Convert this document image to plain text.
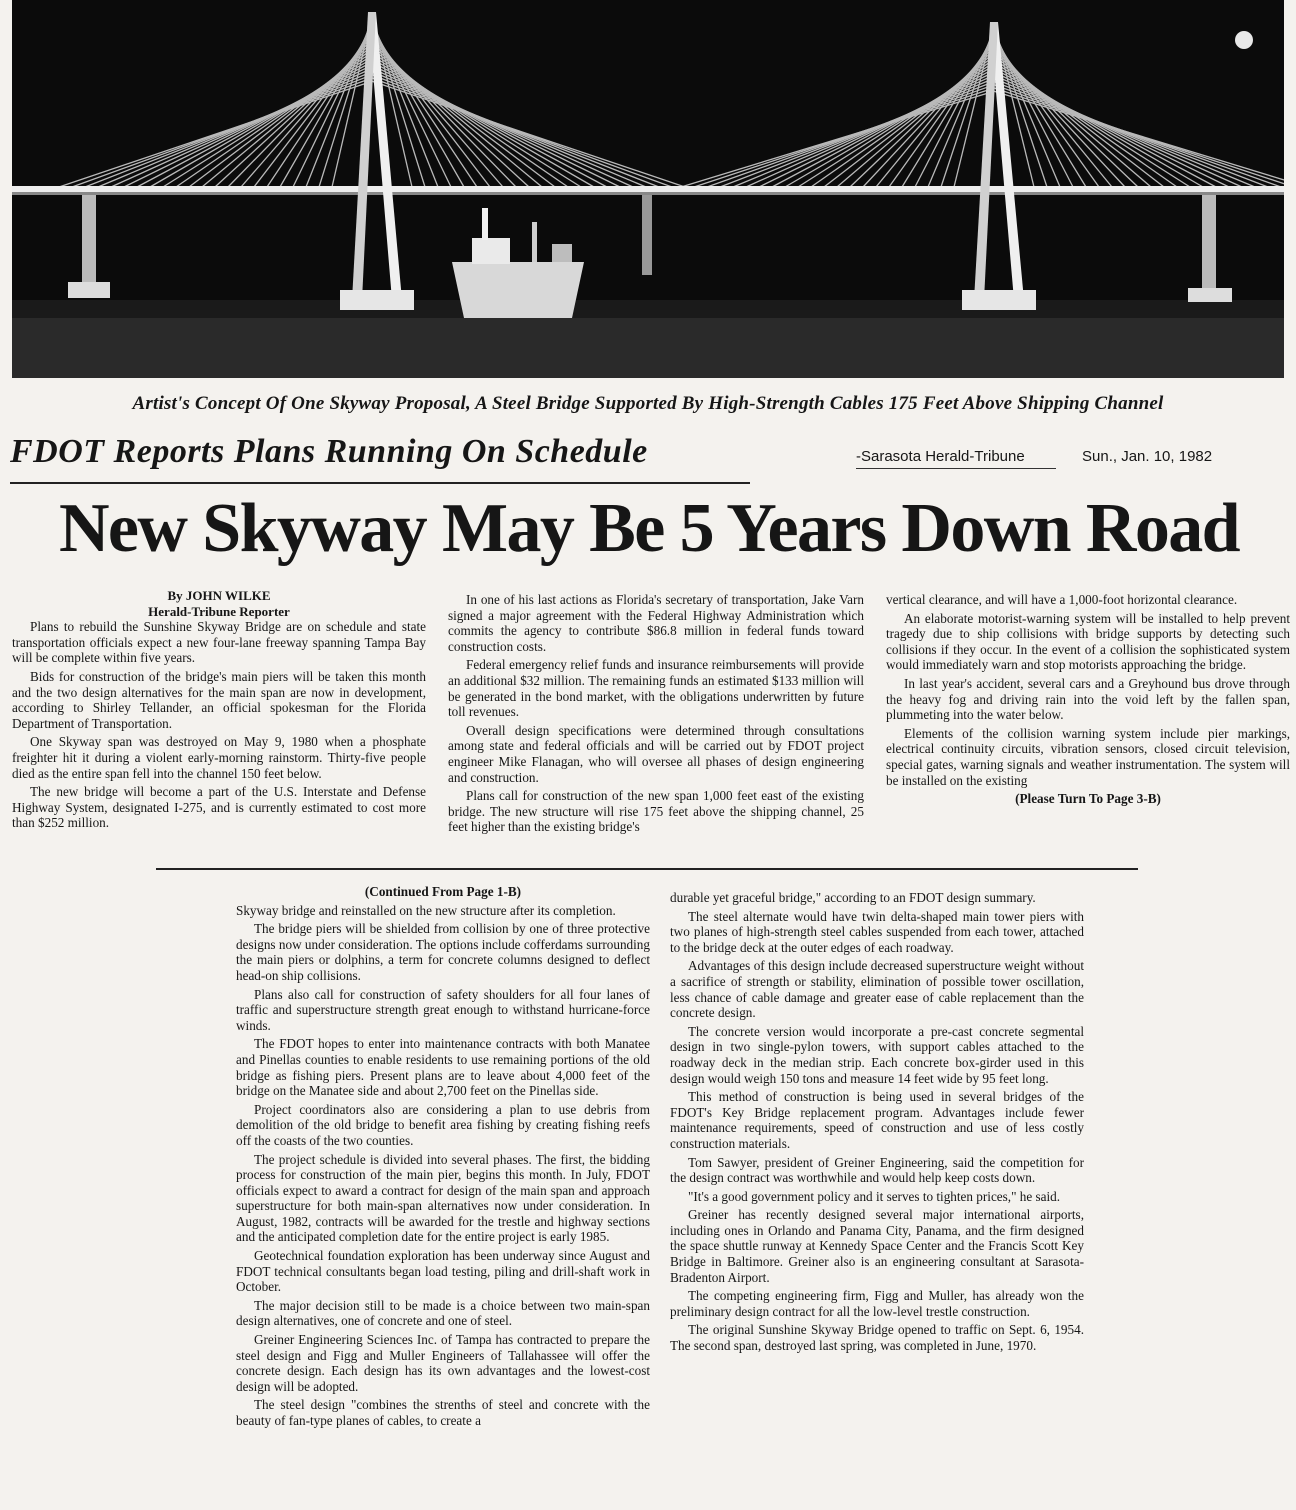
Artist's Concept Of One Skyway Proposal, A Steel Bridge Supported By High-Strength Cables 175 Feet Above Shipping Channel
FDOT Reports Plans Running On Schedule	-Sarasota Herald-Tribune	Sun., Jan. 10, 1982
New Skyway May Be 5 Years Down Road
By JOHN WILKE
Herald-Tribune Reporter

Plans to rebuild the Sunshine Skyway Bridge are on schedule and state transportation officials expect a new four-lane freeway spanning Tampa Bay will be complete within five years.

Bids for construction of the bridge's main piers will be taken this month and the two design alternatives for the main span are now in development, according to Shirley Tellander, an official spokesman for the Florida Department of Transportation.

One Skyway span was destroyed on May 9, 1980 when a phosphate freighter hit it during a violent early-morning rainstorm. Thirty-five people died as the entire span fell into the channel 150 feet below.

The new bridge will become a part of the U.S. Interstate and Defense Highway System, designated I-275, and is currently estimated to cost more than $252 million.

In one of his last actions as Florida's secretary of transportation, Jake Varn signed a major agreement with the Federal Highway Administration which commits the agency to contribute $86.8 million in federal funds toward construction costs.

Federal emergency relief funds and insurance reimbursements will provide an additional $32 million. The remaining funds an estimated $133 million will be generated in the bond market, with the obligations underwritten by future toll revenues.

Overall design specifications were determined through consultations among state and federal officials and will be carried out by FDOT project engineer Mike Flanagan, who will oversee all phases of design engineering and construction.

Plans call for construction of the new span 1,000 feet east of the existing bridge. The new structure will rise 175 feet above the shipping channel, 25 feet higher than the existing bridge's

vertical clearance, and will have a 1,000-foot horizontal clearance.

An elaborate motorist-warning system will be installed to help prevent tragedy due to ship collisions with bridge supports by detecting such collisions if they occur. In the event of a collision the sophisticated system would immediately warn and stop motorists approaching the bridge.

In last year's accident, several cars and a Greyhound bus drove through the heavy fog and driving rain into the void left by the fallen span, plummeting into the water below.

Elements of the collision warning system include pier markings, electrical continuity circuits, vibration sensors, closed circuit television, special gates, warning signals and weather instrumentation. The system will be installed on the existing

(Please Turn To Page 3-B)

(Continued From Page 1-B)

Skyway bridge and reinstalled on the new structure after its completion.

The bridge piers will be shielded from collision by one of three protective designs now under consideration. The options include cofferdams surrounding the main piers or dolphins, a term for concrete columns designed to deflect head-on ship collisions.

Plans also call for construction of safety shoulders for all four lanes of traffic and superstructure strength great enough to withstand hurricane-force winds.

The FDOT hopes to enter into maintenance contracts with both Manatee and Pinellas counties to enable residents to use remaining portions of the old bridge as fishing piers. Present plans are to leave about 4,000 feet of the bridge on the Manatee side and about 2,700 feet on the Pinellas side.

Project coordinators also are considering a plan to use debris from demolition of the old bridge to benefit area fishing by creating fishing reefs off the coasts of the two counties.

The project schedule is divided into several phases. The first, the bidding process for construction of the main pier, begins this month. In July, FDOT officials expect to award a contract for design of the main span and approach superstructure for both main-span alternatives now under consideration. In August, 1982, contracts will be awarded for the trestle and highway sections and the anticipated completion date for the entire project is early 1985.

Geotechnical foundation exploration has been underway since August and FDOT technical consultants began load testing, piling and drill-shaft work in October.

The major decision still to be made is a choice between two main-span design alternatives, one of concrete and one of steel.

Greiner Engineering Sciences Inc. of Tampa has contracted to prepare the steel design and Figg and Muller Engineers of Tallahassee will offer the concrete design. Each design has its own advantages and the lowest-cost design will be adopted.

The steel design "combines the strenths of steel and concrete with the beauty of fan-type planes of cables, to create a

durable yet graceful bridge," according to an FDOT design summary.

The steel alternate would have twin delta-shaped main tower piers with two planes of high-strength steel cables suspended from each tower, attached to the bridge deck at the outer edges of each roadway.

Advantages of this design include decreased superstructure weight without a sacrifice of strength or stability, elimination of possible tower oscillation, less chance of cable damage and greater ease of cable replacement than the concrete design.

The concrete version would incorporate a pre-cast concrete segmental design in two single-pylon towers, with support cables attached to the roadway deck in the median strip. Each concrete box-girder used in this design would weigh 150 tons and measure 14 feet wide by 95 feet long.

This method of construction is being used in several bridges of the FDOT's Key Bridge replacement program. Advantages include fewer maintenance requirements, speed of construction and use of less costly construction materials.

Tom Sawyer, president of Greiner Engineering, said the competition for the design contract was worthwhile and would help keep costs down.

"It's a good government policy and it serves to tighten prices," he said.

Greiner has recently designed several major international airports, including ones in Orlando and Panama City, Panama, and the firm designed the space shuttle runway at Kennedy Space Center and the Francis Scott Key Bridge in Baltimore. Greiner also is an engineering consultant at Sarasota-Bradenton Airport.

The competing engineering firm, Figg and Muller, has already won the preliminary design contract for all the low-level trestle construction.

The original Sunshine Skyway Bridge opened to traffic on Sept. 6, 1954. The second span, destroyed last spring, was completed in June, 1970.
